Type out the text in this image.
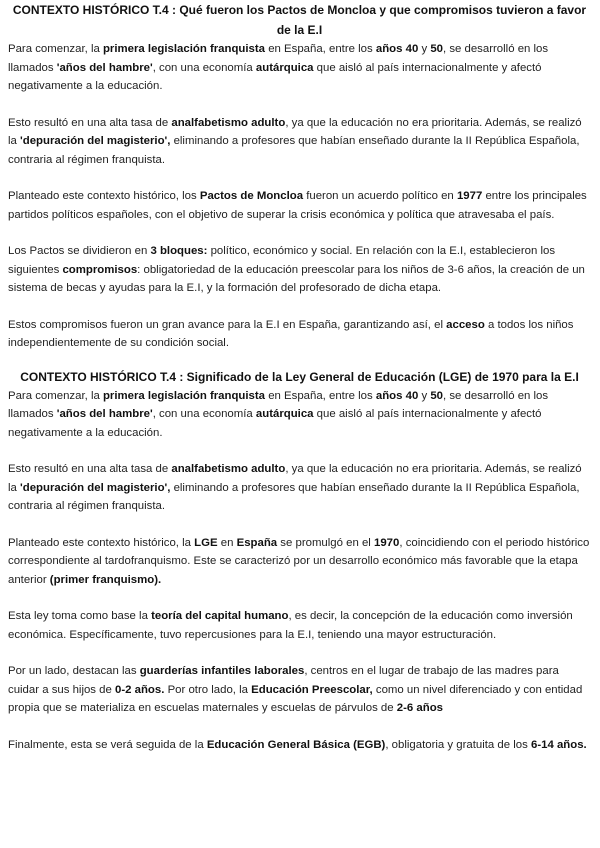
CONTEXTO HISTÓRICO T.4 : Qué fueron los Pactos de Moncloa y que compromisos tuvieron a favor de la E.I

Para comenzar, la primera legislación franquista en España, entre los años 40 y 50, se desarrolló en los llamados 'años del hambre', con una economía autárquica que aisló al país internacionalmente y afectó negativamente a la educación.

Esto resultó en una alta tasa de analfabetismo adulto, ya que la educación no era prioritaria. Además, se realizó la 'depuración del magisterio', eliminando a profesores que habían enseñado durante la II República Española, contraria al régimen franquista.

Planteado este contexto histórico, los Pactos de Moncloa fueron un acuerdo político en 1977 entre los principales partidos políticos españoles, con el objetivo de superar la crisis económica y política que atravesaba el país.

Los Pactos se dividieron en 3 bloques: político, económico y social. En relación con la E.I, establecieron los siguientes compromisos: obligatoriedad de la educación preescolar para los niños de 3-6 años, la creación de un sistema de becas y ayudas para la E.I, y la formación del profesorado de dicha etapa.

Estos compromisos fueron un gran avance para la E.I en España, garantizando así, el acceso a todos los niños independientemente de su condición social.

CONTEXTO HISTÓRICO T.4 : Significado de la Ley General de Educación (LGE) de 1970 para la E.I

Para comenzar, la primera legislación franquista en España, entre los años 40 y 50, se desarrolló en los llamados 'años del hambre', con una economía autárquica que aisló al país internacionalmente y afectó negativamente a la educación.

Esto resultó en una alta tasa de analfabetismo adulto, ya que la educación no era prioritaria. Además, se realizó la 'depuración del magisterio', eliminando a profesores que habían enseñado durante la II República Española, contraria al régimen franquista.

Planteado este contexto histórico, la LGE en España se promulgó en el 1970, coincidiendo con el periodo histórico correspondiente al tardofranquismo. Este se caracterizó por un desarrollo económico más favorable que la etapa anterior (primer franquismo).

Esta ley toma como base la teoría del capital humano, es decir, la concepción de la educación como inversión económica. Específicamente, tuvo repercusiones para la E.I, teniendo una mayor estructuración.

Por un lado, destacan las guarderías infantiles laborales, centros en el lugar de trabajo de las madres para cuidar a sus hijos de 0-2 años. Por otro lado, la Educación Preescolar, como un nivel diferenciado y con entidad propia que se materializa en escuelas maternales y escuelas de párvulos de 2-6 años

Finalmente, esta se verá seguida de la Educación General Básica (EGB), obligatoria y gratuita de los 6-14 años.
